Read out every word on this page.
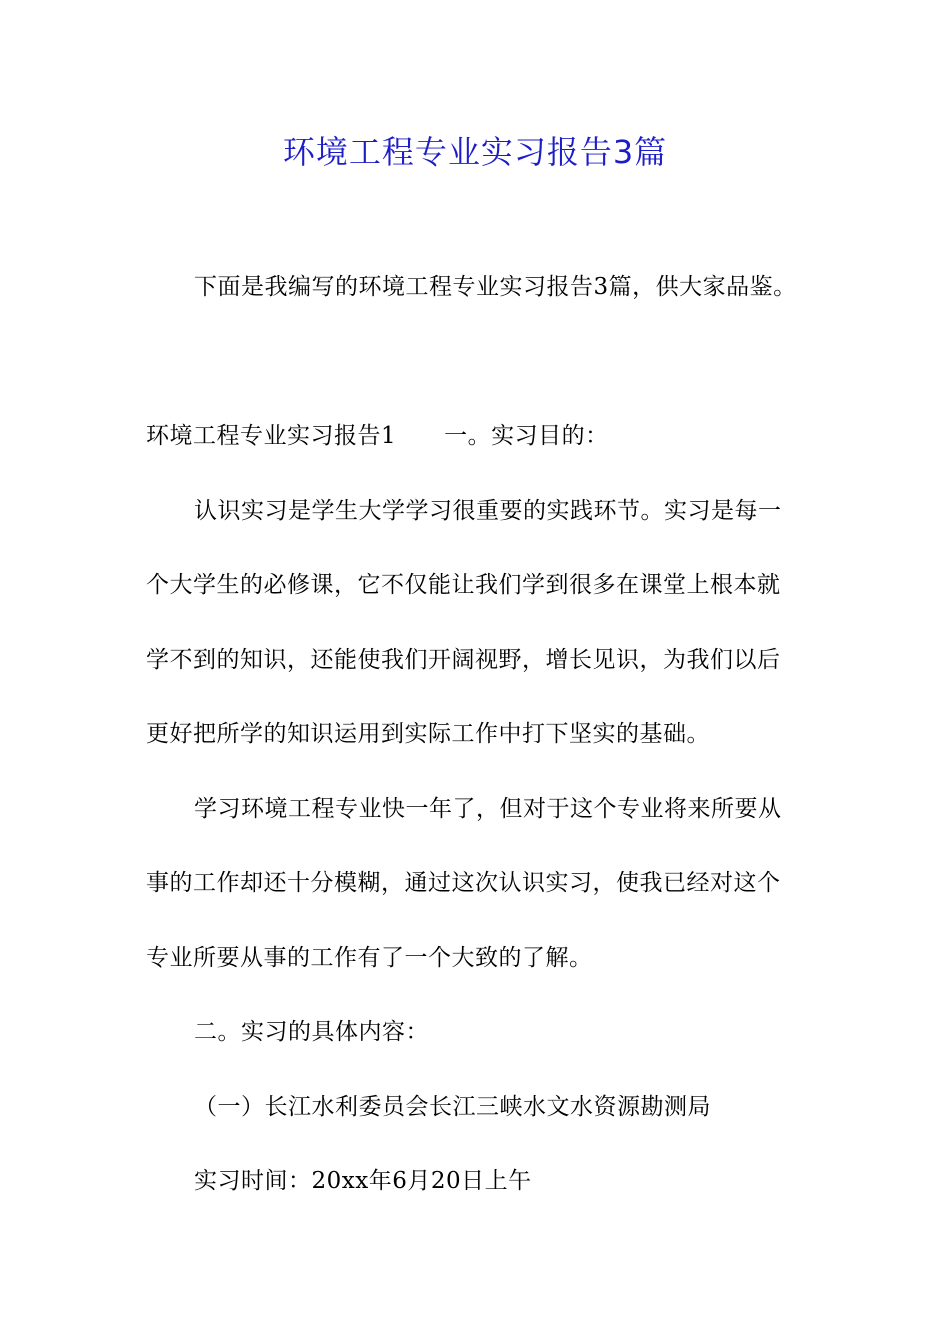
环境工程专业实习报告3篇
下面是我编写的环境工程专业实习报告3篇，供大家品鉴。
环境工程专业实习报告1 一。实习目的：
认识实习是学生大学学习很重要的实践环节。实习是每一
个大学生的必修课，它不仅能让我们学到很多在课堂上根本就
学不到的知识，还能使我们开阔视野，增长见识，为我们以后
更好把所学的知识运用到实际工作中打下坚实的基础。
学习环境工程专业快一年了，但对于这个专业将来所要从
事的工作却还十分模糊，通过这次认识实习，使我已经对这个
专业所要从事的工作有了一个大致的了解。
二。实习的具体内容：
（一）长江水利委员会长江三峡水文水资源勘测局
实习时间：20xx年6月20日上午
